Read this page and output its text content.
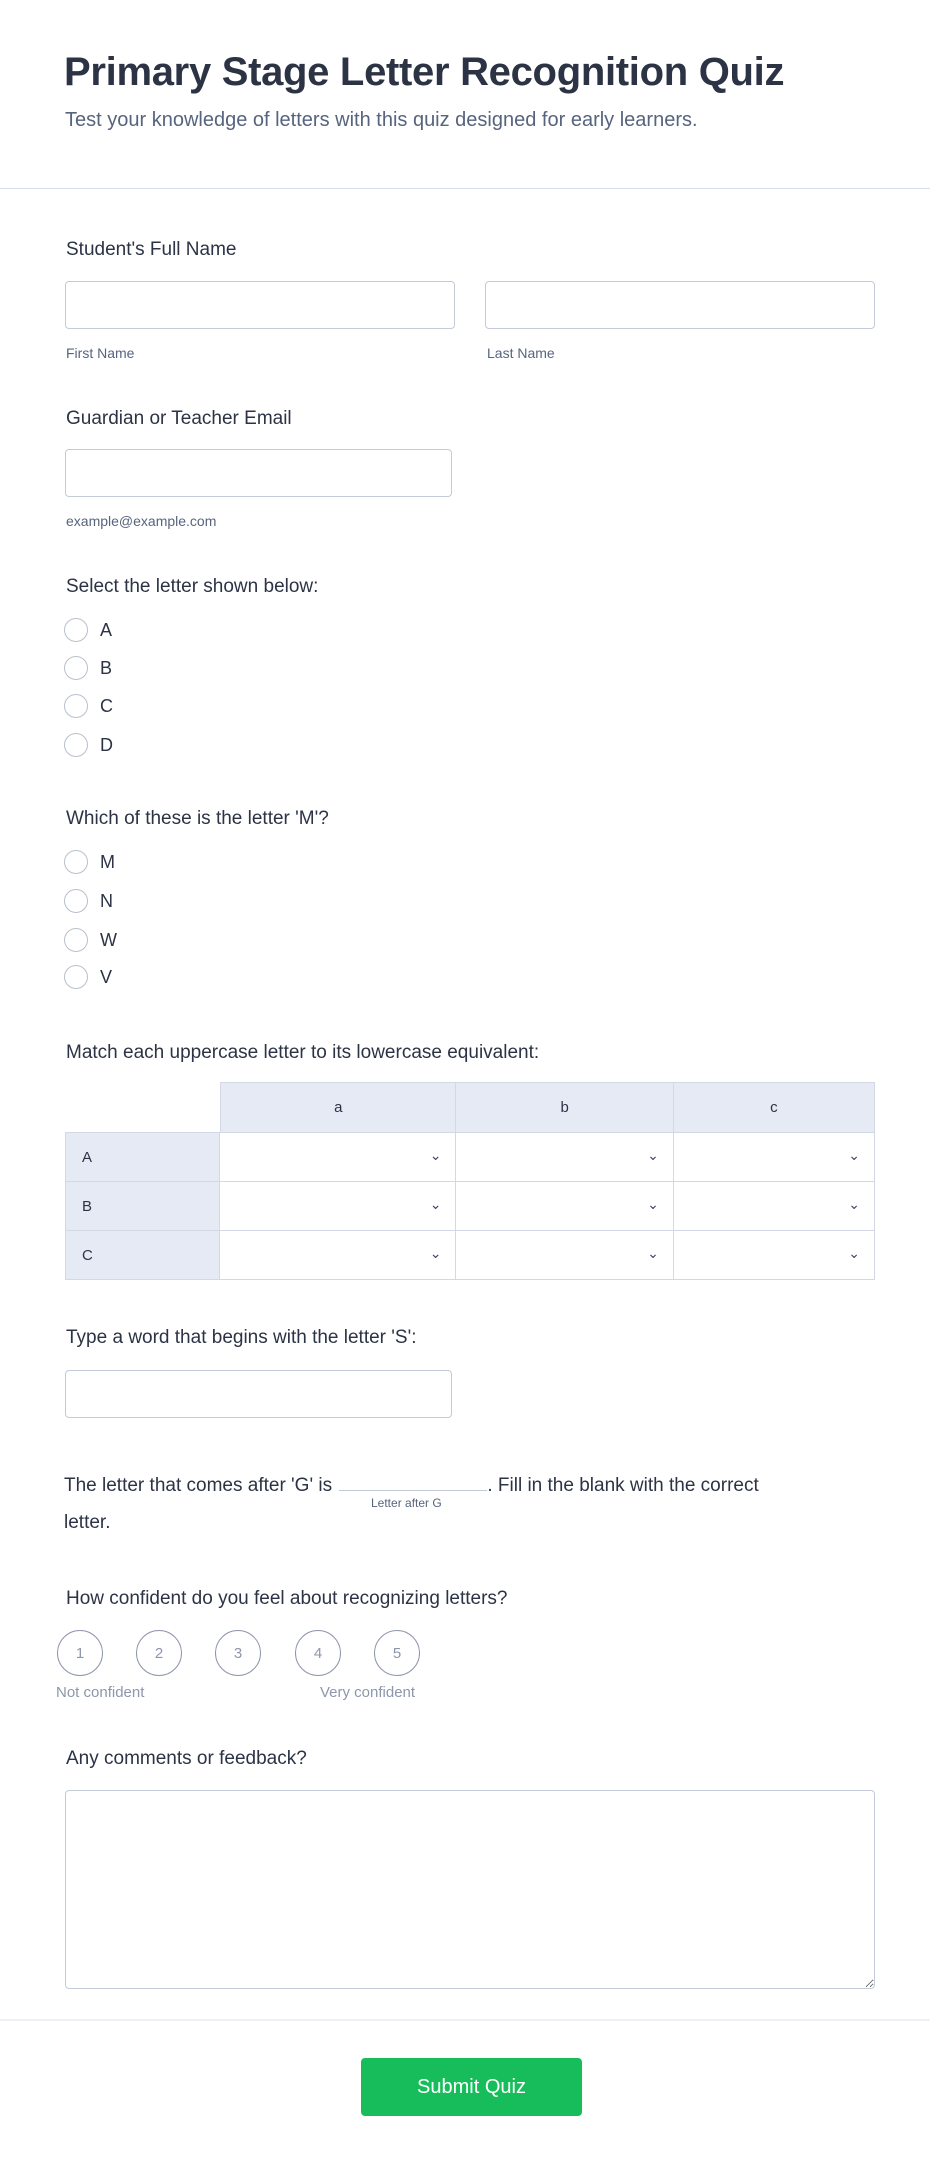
Primary Stage Letter Recognition Quiz
Test your knowledge of letters with this quiz designed for early learners.
Student's Full Name
First Name	Last Name
Guardian or Teacher Email
example@example.com
Select the letter shown below:
A
B
C
D
Which of these is the letter 'M'?
M
N
W
V
Match each uppercase letter to its lowercase equivalent:
	a	b	c
A	⌄	⌄	⌄

B	⌄	⌄	⌄

C	⌄	⌄	⌄
Type a word that begins with the letter 'S':
The letter that comes after 'G' is	. Fill in the blank with the correct
Letter after G
letter.
How confident do you feel about recognizing letters?
1	2	3	4	5
Not confident	Very confident
Any comments or feedback?
Submit Quiz
